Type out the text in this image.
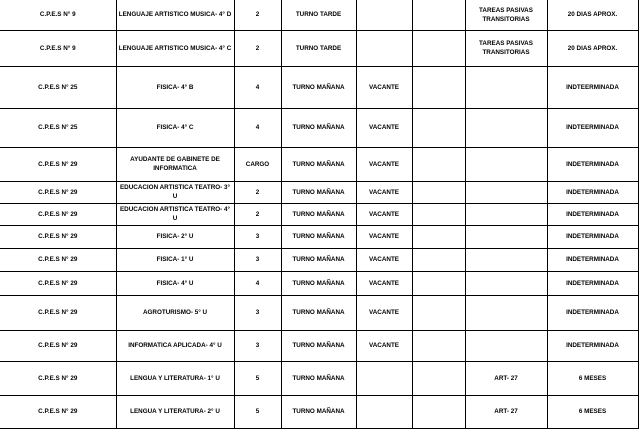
C.P.E.S N° 9	LENGUAJE ARTISTICO MUSICA- 4° D	2	TURNO TARDE			TAREAS PASIVAS TRANSITORIAS	20 DIAS APROX.
C.P.E.S N° 9	LENGUAJE ARTISTICO MUSICA- 4° C	2	TURNO TARDE			TAREAS PASIVAS TRANSITORIAS	20 DIAS APROX.
C.P.E.S N° 25	FISICA- 4° B	4	TURNO MAÑANA	VACANTE			INDTEERMINADA
C.P.E.S N° 25	FISICA- 4° C	4	TURNO MAÑANA	VACANTE			INDTEERMINADA
C.P.E.S N° 29	AYUDANTE DE GABINETE DE INFORMATICA	CARGO	TURNO MAÑANA	VACANTE			INDETERMINADA
C.P.E.S N° 29	EDUCACION ARTISTICA TEATRO- 3° U	2	TURNO MAÑANA	VACANTE			INDETERMINADA
C.P.E.S N° 29	EDUCACION ARTISTICA TEATRO- 4° U	2	TURNO MAÑANA	VACANTE			INDETERMINADA
C.P.E.S N° 29	FISICA- 2° U	3	TURNO MAÑANA	VACANTE			INDETERMINADA
C.P.E.S N° 29	FISICA- 1° U	3	TURNO MAÑANA	VACANTE			INDETERMINADA
C.P.E.S N° 29	FISICA- 4° U	4	TURNO MAÑANA	VACANTE			INDETERMINADA
C.P.E.S N° 29	AGROTURISMO- 5° U	3	TURNO MAÑANA	VACANTE			INDETERMINADA
C.P.E.S N° 29	INFORMATICA APLICADA- 4° U	3	TURNO MAÑANA	VACANTE			INDETERMINADA
C.P.E.S N° 29	LENGUA Y LITERATURA- 1° U	5	TURNO MAÑANA			ART- 27	6 MESES
C.P.E.S N° 29	LENGUA Y LITERATURA- 2° U	5	TURNO MAÑANA			ART- 27	6 MESES
